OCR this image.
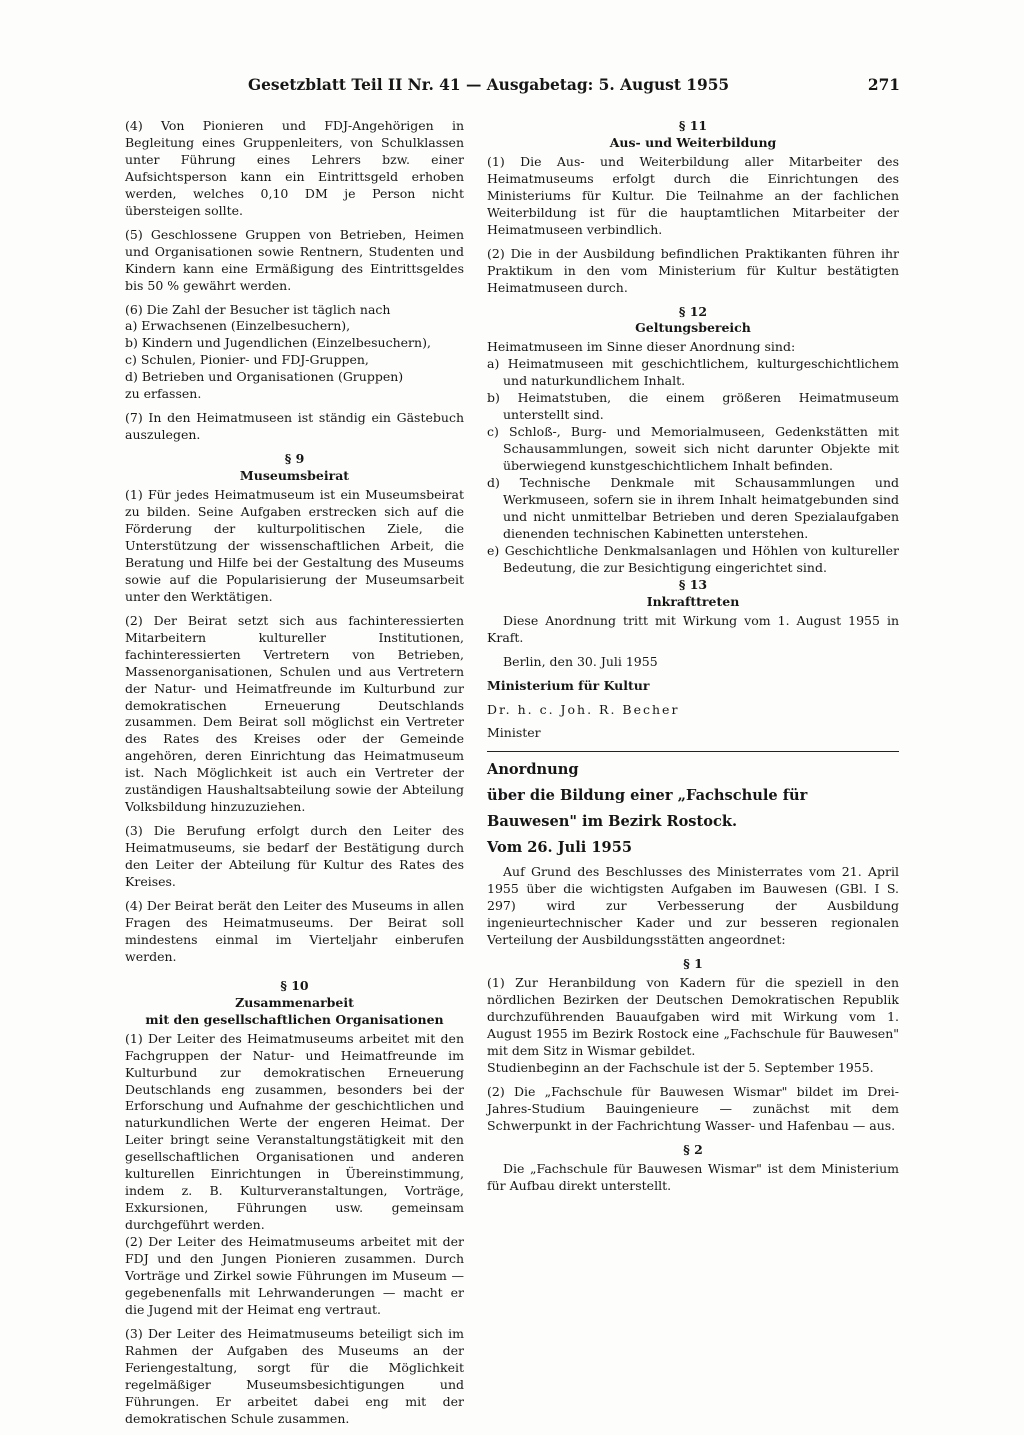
Gesetzblatt Teil II Nr. 41 — Ausgabetag: 5. August 1955	271

(4) Von Pionieren und FDJ-Angehörigen in Begleitung eines Gruppenleiters, von Schulklassen unter Führung eines Lehrers bzw. einer Aufsichtsperson kann ein Eintrittsgeld erhoben werden, welches 0,10 DM je Person nicht übersteigen sollte.

(5) Geschlossene Gruppen von Betrieben, Heimen und Organisationen sowie Rentnern, Studenten und Kindern kann eine Ermäßigung des Eintrittsgeldes bis 50 % gewährt werden.

(6) Die Zahl der Besucher ist täglich nach

a) Erwachsenen (Einzelbesuchern),

b) Kindern und Jugendlichen (Einzelbesuchern),

c) Schulen, Pionier- und FDJ-Gruppen,

d) Betrieben und Organisationen (Gruppen)

zu erfassen.

(7) In den Heimatmuseen ist ständig ein Gästebuch auszulegen.

§ 9

Museumsbeirat

(1) Für jedes Heimatmuseum ist ein Museumsbeirat zu bilden. Seine Aufgaben erstrecken sich auf die Förderung der kulturpolitischen Ziele, die Unterstützung der wissenschaftlichen Arbeit, die Beratung und Hilfe bei der Gestaltung des Museums sowie auf die Popularisierung der Museumsarbeit unter den Werktätigen.

(2) Der Beirat setzt sich aus fachinteressierten Mitarbeitern kultureller Institutionen, fachinteressierten Vertretern von Betrieben, Massenorganisationen, Schulen und aus Vertretern der Natur- und Heimatfreunde im Kulturbund zur demokratischen Erneuerung Deutschlands zusammen. Dem Beirat soll möglichst ein Vertreter des Rates des Kreises oder der Gemeinde angehören, deren Einrichtung das Heimatmuseum ist. Nach Möglichkeit ist auch ein Vertreter der zuständigen Haushaltsabteilung sowie der Abteilung Volksbildung hinzuzuziehen.

(3) Die Berufung erfolgt durch den Leiter des Heimatmuseums, sie bedarf der Bestätigung durch den Leiter der Abteilung für Kultur des Rates des Kreises.

(4) Der Beirat berät den Leiter des Museums in allen Fragen des Heimatmuseums. Der Beirat soll mindestens einmal im Vierteljahr einberufen werden.

§ 10

Zusammenarbeit

mit den gesellschaftlichen Organisationen

(1) Der Leiter des Heimatmuseums arbeitet mit den Fachgruppen der Natur- und Heimatfreunde im Kulturbund zur demokratischen Erneuerung Deutschlands eng zusammen, besonders bei der Erforschung und Aufnahme der geschichtlichen und naturkundlichen Werte der engeren Heimat. Der Leiter bringt seine Veranstaltungstätigkeit mit den gesellschaftlichen Organisationen und anderen kulturellen Einrichtungen in Übereinstimmung, indem z. B. Kulturveranstaltungen, Vorträge, Exkursionen, Führungen usw. gemeinsam durchgeführt werden.

(2) Der Leiter des Heimatmuseums arbeitet mit der FDJ und den Jungen Pionieren zusammen. Durch Vorträge und Zirkel sowie Führungen im Museum — gegebenenfalls mit Lehrwanderungen — macht er die Jugend mit der Heimat eng vertraut.

(3) Der Leiter des Heimatmuseums beteiligt sich im Rahmen der Aufgaben des Museums an der Feriengestaltung, sorgt für die Möglichkeit regelmäßiger Museumsbesichtigungen und Führungen. Er arbeitet dabei eng mit der demokratischen Schule zusammen.

§ 11

Aus- und Weiterbildung

(1) Die Aus- und Weiterbildung aller Mitarbeiter des Heimatmuseums erfolgt durch die Einrichtungen des Ministeriums für Kultur. Die Teilnahme an der fachlichen Weiterbildung ist für die hauptamtlichen Mitarbeiter der Heimatmuseen verbindlich.

(2) Die in der Ausbildung befindlichen Praktikanten führen ihr Praktikum in den vom Ministerium für Kultur bestätigten Heimatmuseen durch.

§ 12

Geltungsbereich

Heimatmuseen im Sinne dieser Anordnung sind:

a) Heimatmuseen mit geschichtlichem, kulturgeschichtlichem und naturkundlichem Inhalt.

b) Heimatstuben, die einem größeren Heimatmuseum unterstellt sind.

c) Schloß-, Burg- und Memorialmuseen, Gedenkstätten mit Schausammlungen, soweit sich nicht darunter Objekte mit überwiegend kunstgeschichtlichem Inhalt befinden.

d) Technische Denkmale mit Schausammlungen und Werkmuseen, sofern sie in ihrem Inhalt heimatgebunden sind und nicht unmittelbar Betrieben und deren Spezialaufgaben dienenden technischen Kabinetten unterstehen.

e) Geschichtliche Denkmalsanlagen und Höhlen von kultureller Bedeutung, die zur Besichtigung eingerichtet sind.

§ 13

Inkrafttreten

Diese Anordnung tritt mit Wirkung vom 1. August 1955 in Kraft.

Berlin, den 30. Juli 1955

Ministerium für Kultur

Dr. h. c. Joh. R. Becher

Minister

Anordnung

über die Bildung einer „Fachschule für

Bauwesen" im Bezirk Rostock.

Vom 26. Juli 1955

Auf Grund des Beschlusses des Ministerrates vom 21. April 1955 über die wichtigsten Aufgaben im Bauwesen (GBl. I S. 297) wird zur Verbesserung der Ausbildung ingenieurtechnischer Kader und zur besseren regionalen Verteilung der Ausbildungsstätten angeordnet:

§ 1

(1) Zur Heranbildung von Kadern für die speziell in den nördlichen Bezirken der Deutschen Demokratischen Republik durchzuführenden Bauaufgaben wird mit Wirkung vom 1. August 1955 im Bezirk Rostock eine „Fachschule für Bauwesen" mit dem Sitz in Wismar gebildet.

Studienbeginn an der Fachschule ist der 5. September 1955.

(2) Die „Fachschule für Bauwesen Wismar" bildet im Drei-Jahres-Studium Bauingenieure — zunächst mit dem Schwerpunkt in der Fachrichtung Wasser- und Hafenbau — aus.

§ 2

Die „Fachschule für Bauwesen Wismar" ist dem Ministerium für Aufbau direkt unterstellt.
